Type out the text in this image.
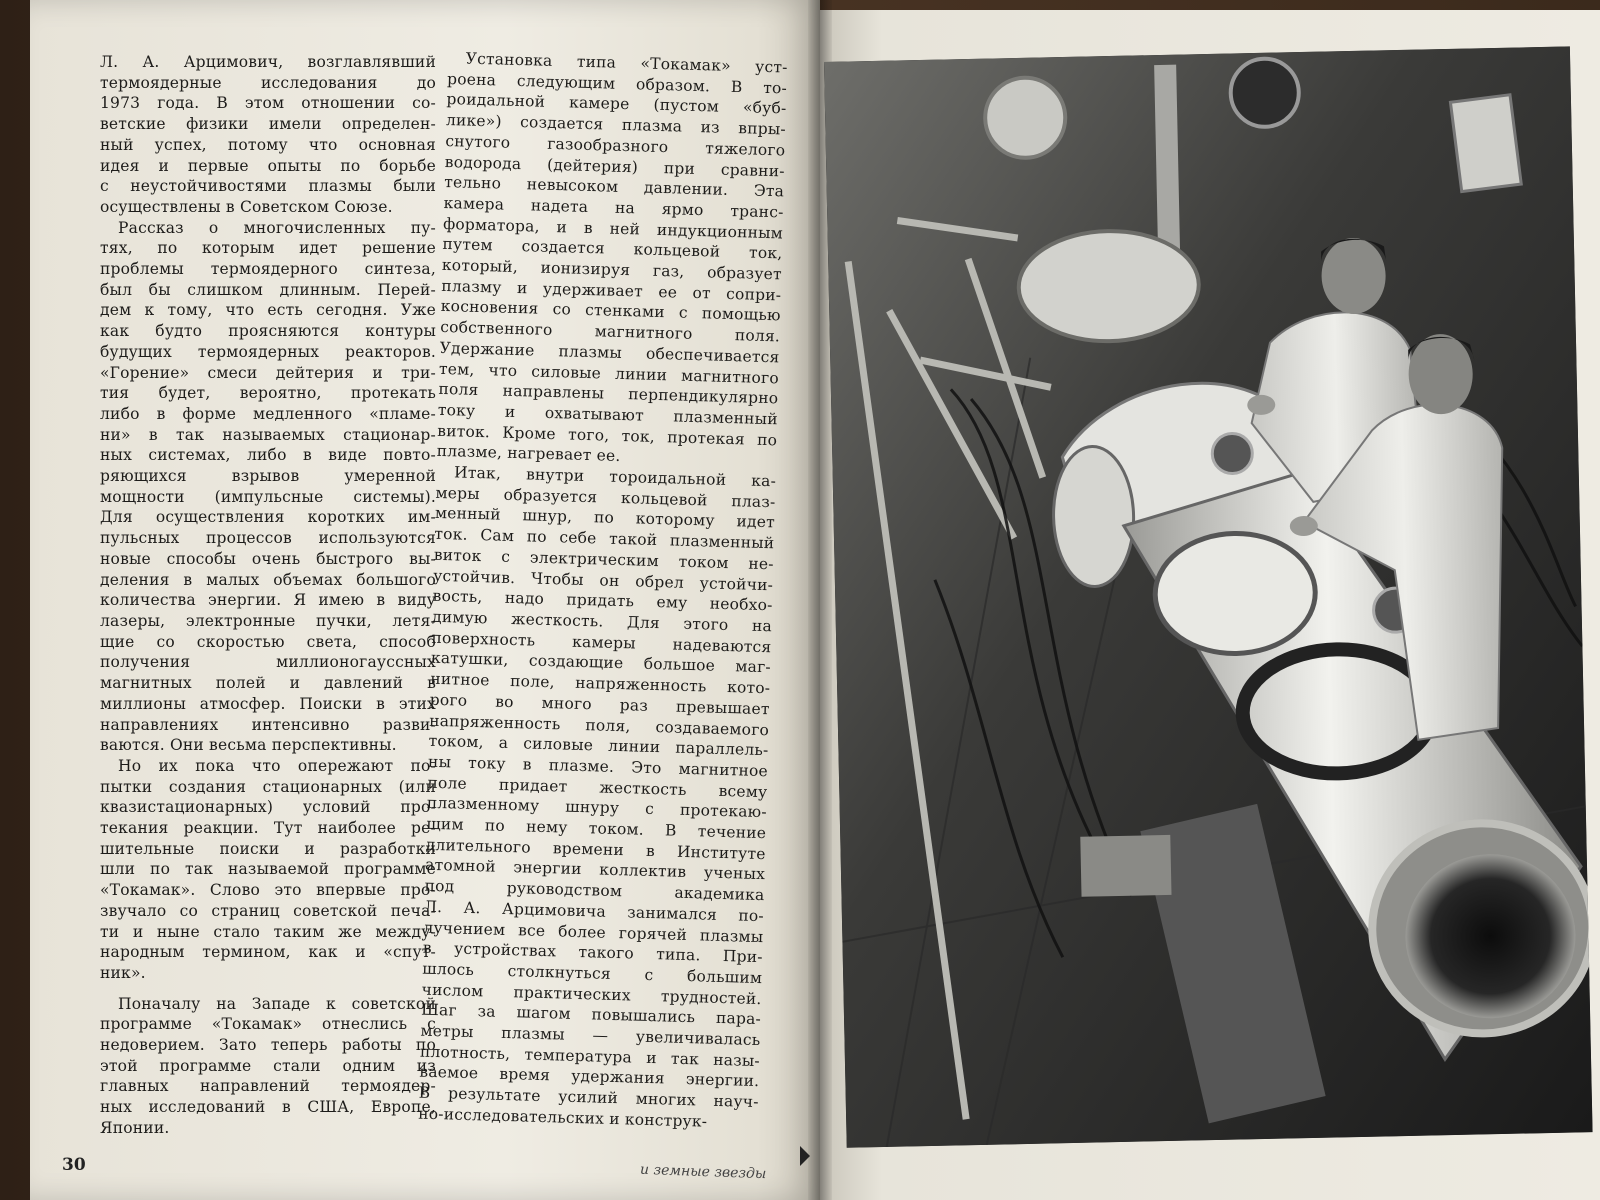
Л. А. Арцимович, возглавлявший
термоядерные исследования до
1973 года. В этом отношении со-
ветские физики имели определен-
ный успех, потому что основная
идея и первые опыты по борьбе
с неустойчивостями плазмы были
осуществлены в Советском Союзе.
Рассказ о многочисленных пу-
тях, по которым идет решение
проблемы термоядерного синтеза,
был бы слишком длинным. Перей-
дем к тому, что есть сегодня. Уже
как будто проясняются контуры
будущих термоядерных реакторов.
«Горение» смеси дейтерия и три-
тия будет, вероятно, протекать
либо в форме медленного «пламе-
ни» в так называемых стационар-
ных системах, либо в виде повто-
ряющихся взрывов умеренной
мощности (импульсные системы).
Для осуществления коротких им-
пульсных процессов используются
новые способы очень быстрого вы-
деления в малых объемах большого
количества энергии. Я имею в виду
лазеры, электронные пучки, летя-
щие со скоростью света, способ
получения миллионогауссных
магнитных полей и давлений в
миллионы атмосфер. Поиски в этих
направлениях интенсивно разви-
ваются. Они весьма перспективны.
Но их пока что опережают по-
пытки создания стационарных (или
квазистационарных) условий про-
текания реакции. Тут наиболее ре-
шительные поиски и разработки
шли по так называемой программе
«Токамак». Слово это впервые про-
звучало со страниц советской печа-
ти и ныне стало таким же между-
народным термином, как и «спут-
ник».
Поначалу на Западе к советской
программе «Токамак» отнеслись с
недоверием. Зато теперь работы по
этой программе стали одним из
главных направлений термоядер-
ных исследований в США, Европе,
Японии.
Установка типа «Токамак» уст-
роена следующим образом. В то-
роидальной камере (пустом «буб-
лике») создается плазма из впры-
снутого газообразного тяжелого
водорода (дейтерия) при сравни-
тельно невысоком давлении. Эта
камера надета на ярмо транс-
форматора, и в ней индукционным
путем создается кольцевой ток,
который, ионизируя газ, образует
плазму и удерживает ее от сопри-
косновения со стенками с помощью
собственного магнитного поля.
Удержание плазмы обеспечивается
тем, что силовые линии магнитного
поля направлены перпендикулярно
току и охватывают плазменный
виток. Кроме того, ток, протекая по
плазме, нагревает ее.
Итак, внутри тороидальной ка-
меры образуется кольцевой плаз-
менный шнур, по которому идет
ток. Сам по себе такой плазменный
виток с электрическим током не-
устойчив. Чтобы он обрел устойчи-
вость, надо придать ему необхо-
димую жесткость. Для этого на
поверхность камеры надеваются
катушки, создающие большое маг-
нитное поле, напряженность кото-
рого во много раз превышает
напряженность поля, создаваемого
током, а силовые линии параллель-
ны току в плазме. Это магнитное
поле придает жесткость всему
плазменному шнуру с протекаю-
щим по нему током. В течение
длительного времени в Институте
атомной энергии коллектив ученых
под руководством академика
Л. А. Арцимовича занимался по-
лучением все более горячей плазмы
в устройствах такого типа. При-
шлось столкнуться с большим
числом практических трудностей.
Шаг за шагом повышались пара-
метры плазмы — увеличивалась
плотность, температура и так назы-
ваемое время удержания энергии.
В результате усилий многих науч-
но-исследовательских и конструк-
30	и земные звезды
